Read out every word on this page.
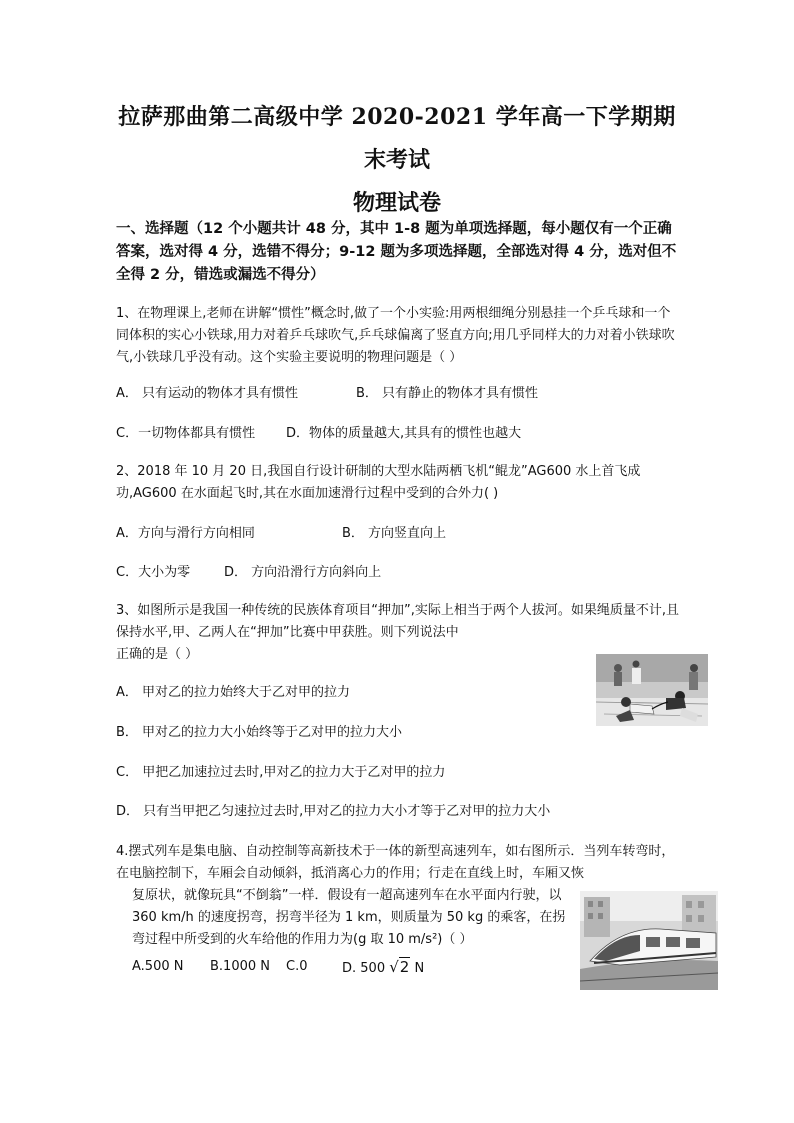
拉萨那曲第二高级中学 2020-2021 学年高一下学期期
末考试
物理试卷
一、选择题（12 个小题共计 48 分，其中 1-8 题为单项选择题，每小题仅有一个正确答案，选对得 4 分，选错不得分；9-12 题为多项选择题，全部选对得 4 分，选对但不全得 2 分，错选或漏选不得分）
1、在物理课上,老师在讲解“惯性”概念时,做了一个小实验:用两根细绳分别悬挂一个乒乓球和一个同体积的实心小铁球,用力对着乒乓球吹气,乒乓球偏离了竖直方向;用几乎同样大的力对着小铁球吹气,小铁球几乎没有动。这个实验主要说明的物理问题是（ ）
A． 只有运动的物体才具有惯性	B． 只有静止的物体才具有惯性
C．一切物体都具有惯性 D．物体的质量越大,其具有的惯性也越大
2、2018 年 10 月 20 日,我国自行设计研制的大型水陆两栖飞机“鲲龙”AG600 水上首飞成功,AG600 在水面起飞时,其在水面加速滑行过程中受到的合外力( )
A．方向与滑行方向相同	B． 方向竖直向上
C．大小为零	D． 方向沿滑行方向斜向上
3、如图所示是我国一种传统的民族体育项目“押加”,实际上相当于两个人拔河。如果绳质量不计,且保持水平,甲、乙两人在“押加”比赛中甲获胜。则下列说法中
正确的是（ ）
A． 甲对乙的拉力始终大于乙对甲的拉力
B． 甲对乙的拉力大小始终等于乙对甲的拉力大小
C． 甲把乙加速拉过去时,甲对乙的拉力大于乙对甲的拉力
D． 只有当甲把乙匀速拉过去时,甲对乙的拉力大小才等于乙对甲的拉力大小
4.摆式列车是集电脑、自动控制等高新技术于一体的新型高速列车，如右图所示．当列车转弯时，在电脑控制下，车厢会自动倾斜，抵消离心力的作用；行走在直线上时，车厢又恢
复原状，就像玩具“不倒翁”一样．假设有一超高速列车在水平面内行驶，以 360 km/h 的速度拐弯，拐弯半径为 1 km，则质量为 50 kg 的乘客，在拐弯过程中所受到的火车给他的作用力为(g 取 10 m/s²)（ ）
A.500 N B.1000 N C.0	D. 500 √2 N
